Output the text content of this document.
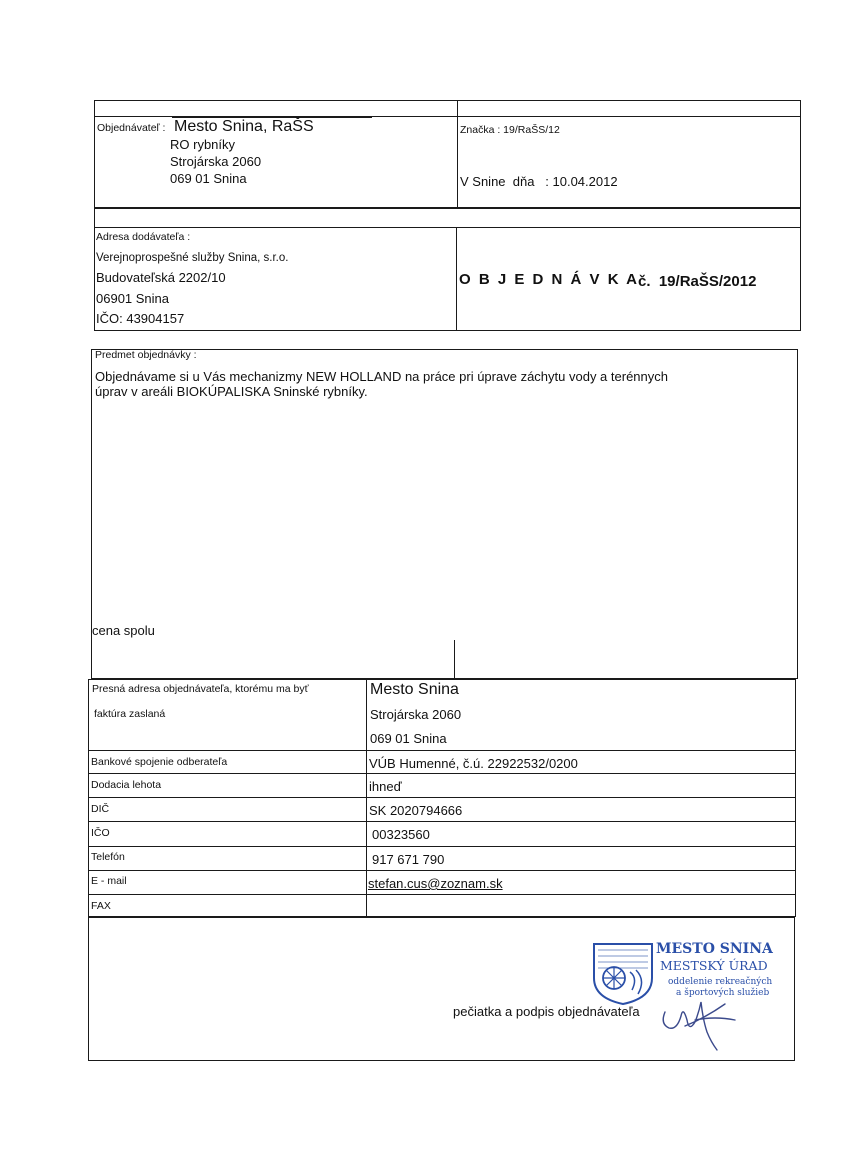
Objednávateľ : Mesto Snina, RaŠS
RO rybníky
Strojárska 2060
069 01 Snina
Značka : 19/RaŠS/12
V Snine  dňa   : 10.04.2012
Adresa dodávateľa :
Verejnoprospešné služby Snina, s.r.o.
Budovateľská 2202/10
06901 Snina
IČO: 43904157
O B J E D N Á V K A č.  19/RaŠS/2012
Predmet objednávky :
Objednávame si u Vás mechanizmy NEW HOLLAND na práce pri úprave záchytu vody a terénnych
úprav v areáli BIOKÚPALISKA Sninské rybníky.
cena spolu
Presná adresa objednávateľa, ktorému ma byť
faktúra zaslaná
Mesto Snina
Strojárska 2060
069 01 Snina
Bankové spojenie odberateľa	VÚB Humenné, č.ú. 22922532/0200
Dodacia lehota	ihneď
DIČ	SK 2020794666
IČO	00323560
Telefón	917 671 790
E - mail	stefan.cus@zoznam.sk
FAX
pečiatka a podpis objednávateľa
MESTO SNINA
MESTSKÝ ÚRAD
oddelenie rekreačných
a športových služieb
